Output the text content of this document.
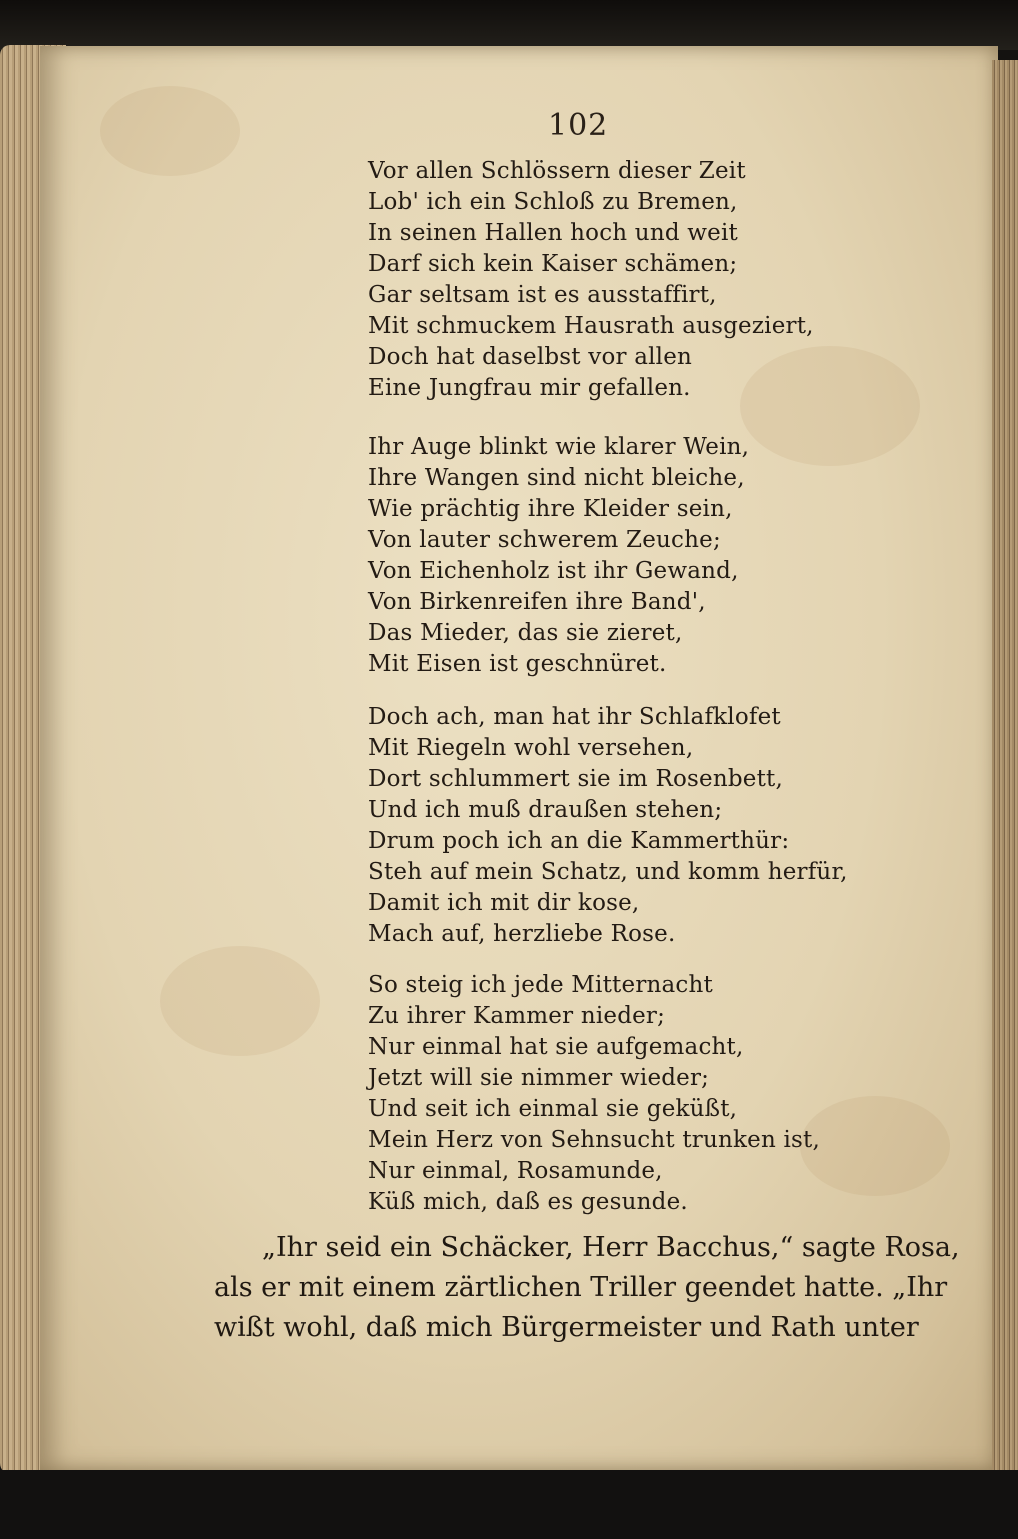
102
Vor allen Schlössern dieser Zeit
Lob' ich ein Schloß zu Bremen,
In seinen Hallen hoch und weit
Darf sich kein Kaiser schämen;
Gar seltsam ist es ausstaffirt,
Mit schmuckem Hausrath ausgeziert,
Doch hat daselbst vor allen
Eine Jungfrau mir gefallen.
Ihr Auge blinkt wie klarer Wein,
Ihre Wangen sind nicht bleiche,
Wie prächtig ihre Kleider sein,
Von lauter schwerem Zeuche;
Von Eichenholz ist ihr Gewand,
Von Birkenreifen ihre Band',
Das Mieder, das sie zieret,
Mit Eisen ist geschnüret.
Doch ach, man hat ihr Schlafklofet
Mit Riegeln wohl versehen,
Dort schlummert sie im Rosenbett,
Und ich muß draußen stehen;
Drum poch ich an die Kammerthür:
Steh auf mein Schatz, und komm herfür,
Damit ich mit dir kose,
Mach auf, herzliebe Rose.
So steig ich jede Mitternacht
Zu ihrer Kammer nieder;
Nur einmal hat sie aufgemacht,
Jetzt will sie nimmer wieder;
Und seit ich einmal sie geküßt,
Mein Herz von Sehnsucht trunken ist,
Nur einmal, Rosamunde,
Küß mich, daß es gesunde.
„Ihr seid ein Schäcker, Herr Bacchus,“ sagte Rosa,
als er mit einem zärtlichen Triller geendet hatte. „Ihr
wißt wohl, daß mich Bürgermeister und Rath unter
